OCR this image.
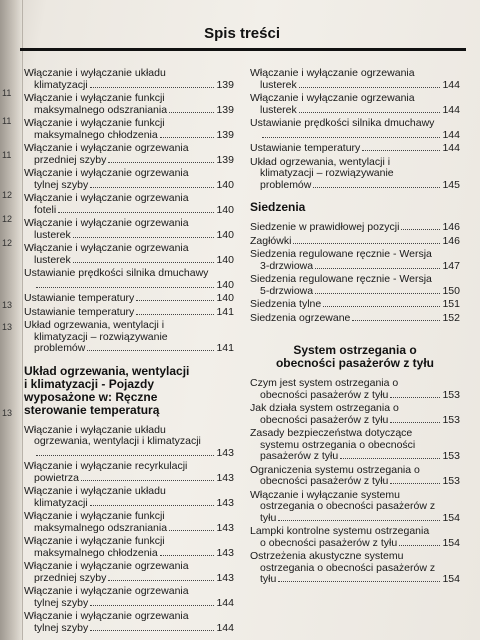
11
11
11
12
12
12
13
13
13
Spis treści
Włączanie i wyłączanie układu
klimatyzacji	139
Włączanie i wyłączanie funkcji
maksymalnego odszraniania	139
Włączanie i wyłączanie funkcji
maksymalnego chłodzenia	139
Włączanie i wyłączanie ogrzewania
przedniej szyby	139
Włączanie i wyłączanie ogrzewania
tylnej szyby	140
Włączanie i wyłączanie ogrzewania
foteli	140
Włączanie i wyłączanie ogrzewania
lusterek	140
Włączanie i wyłączanie ogrzewania
lusterek	140
Ustawianie prędkości silnika dmuchawy
140
Ustawianie temperatury	140
Ustawianie temperatury	141
Układ ogrzewania, wentylacji i
klimatyzacji – rozwiązywanie
problemów	141
Układ ogrzewania, wentylacji
i klimatyzacji - Pojazdy
wyposażone w: Ręczne
sterowanie temperaturą
Włączanie i wyłączanie układu
ogrzewania, wentylacji i klimatyzacji
143
Włączanie i wyłączanie recyrkulacji
powietrza	143
Włączanie i wyłączanie układu
klimatyzacji	143
Włączanie i wyłączanie funkcji
maksymalnego odszraniania	143
Włączanie i wyłączanie funkcji
maksymalnego chłodzenia	143
Włączanie i wyłączanie ogrzewania
przedniej szyby	143
Włączanie i wyłączanie ogrzewania
tylnej szyby	144
Włączanie i wyłączanie ogrzewania
tylnej szyby	144
Włączanie i wyłączanie ogrzewania
lusterek	144
Włączanie i wyłączanie ogrzewania
lusterek	144
Ustawianie prędkości silnika dmuchawy
144
Ustawianie temperatury	144
Układ ogrzewania, wentylacji i
klimatyzacji – rozwiązywanie
problemów	145
Siedzenia
Siedzenie w prawidłowej pozycji	146
Zagłówki	146
Siedzenia regulowane ręcznie - Wersja
3-drzwiowa	147
Siedzenia regulowane ręcznie - Wersja
5-drzwiowa	150
Siedzenia tylne	151
Siedzenia ogrzewane	152
System ostrzegania o
obecności pasażerów z tyłu
Czym jest system ostrzegania o
obecności pasażerów z tyłu	153
Jak działa system ostrzegania o
obecności pasażerów z tyłu	153
Zasady bezpieczeństwa dotyczące
systemu ostrzegania o obecności
pasażerów z tyłu	153
Ograniczenia systemu ostrzegania o
obecności pasażerów z tyłu	153
Włączanie i wyłączanie systemu
ostrzegania o obecności pasażerów z
tyłu	154
Lampki kontrolne systemu ostrzegania
o obecności pasażerów z tyłu	154
Ostrzeżenia akustyczne systemu
ostrzegania o obecności pasażerów z
tyłu	154
